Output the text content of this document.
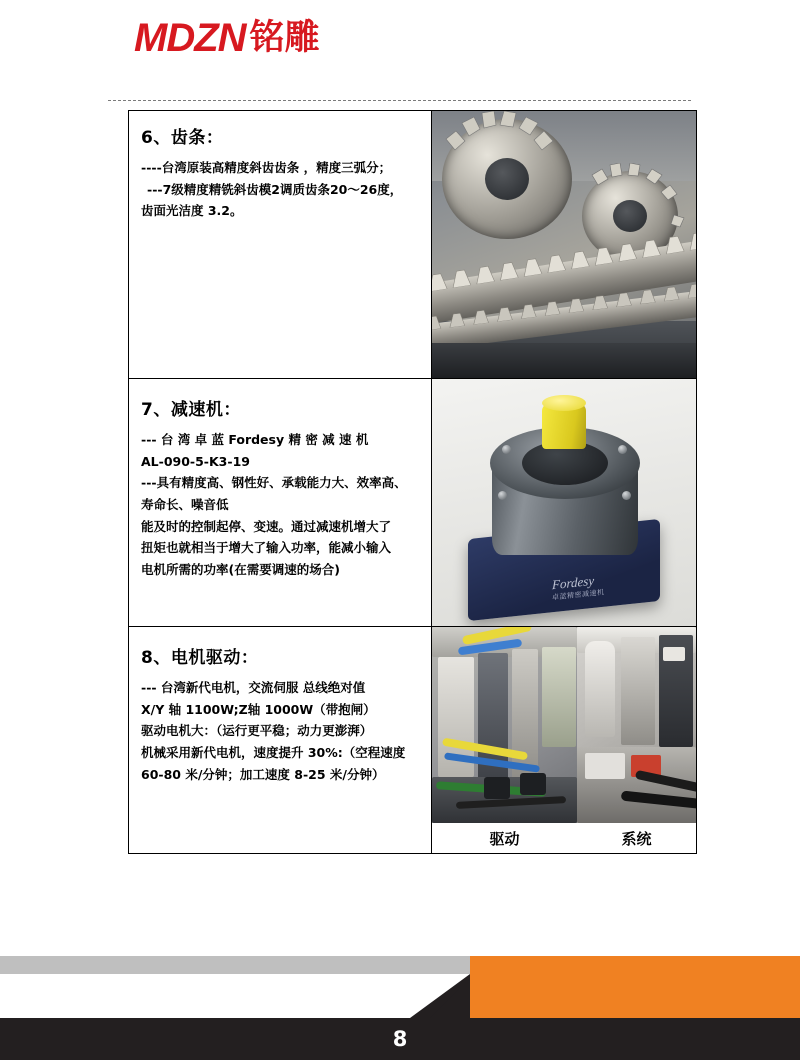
MDZN 铭雕
6、齿条：

----台湾原装高精度斜齿齿条 ，精度三弧分；

---7级精度精铣斜齿模2调质齿条20～26度，

齿面光洁度 3.2。

7、减速机：

--- 台 湾 卓 蓝 Fordesy 精 密 减 速 机

AL-090-5-K3-19

---具有精度高、钢性好、承载能力大、效率高、

寿命长、噪音低

能及时的控制起停、变速。通过减速机增大了

扭矩也就相当于增大了输入功率，能减小输入

电机所需的功率(在需要调速的场合)

Fordesy
卓蓝精密减速机

8、电机驱动：

--- 台湾新代电机，交流伺服 总线绝对值

X/Y 轴 1100W;Z轴 1000W（带抱闸）

驱动电机大：（运行更平稳；动力更澎湃）

机械采用新代电机，速度提升 30%:（空程速度

60-80 米/分钟；加工速度 8-25 米/分钟）

驱动	系统
8
